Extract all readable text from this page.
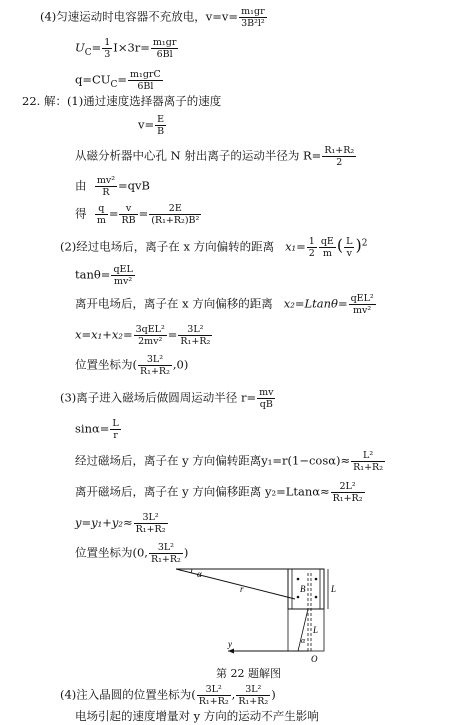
(4)匀速运动时电容器不充放电，$v=v= \frac{\text{m₁gr}}{\text{3B²l²}}$
$U_C= \frac{1}{3} I\times 3r= \frac{\text{m₁gr}}{6Bl}$
$q=CU_C= \frac{\text{m₁grC}}{6Bl}$
22. 解：(1)通过速度选择器离子的速度
$v= \frac{E}{B}$
从磁分析器中心孔 N 射出离子的运动半径为 $R= \frac{\text{R₁+R₂}}{2}$
由 $\frac{\text{mv²}}{R} =qvB$
得 $\frac{q}{m} = \frac{v}{RB} = \frac{2E}{\text{(R₁+R₂)B²}}$
(2)经过电场后，离子在 x 方向偏转的距离 $x_1= \frac{1}{2} \frac{qE}{m}$ ( $\frac{L}{v} )^2$
$\tan\theta= \frac{\text{qEL}}{\text{mv²}}$
离开电场后，离子在 x 方向偏移的距离 $x_2=Ltan\theta= \frac{\text{qEL²}}{\text{mv²}}$
$x=x_1+x_2= \frac{\text{3qEL²}}{\text{2mv²}} = \frac{\text{3L²}}{\text{R₁+R₂}}$
位置坐标为( $\frac{\text{3L²}}{\text{R₁+R₂}} ,0$)
(3)离子进入磁场后做圆周运动半径 $r= \frac{mv}{qB}$
$\sin\alpha= \frac{L}{r}$
经过磁场后，离子在 y 方向偏转距离$y_1=r(1-\cos\alpha)\approx \frac{\text{L²}}{\text{R₁+R₂}}$
离开磁场后，离子在 y 方向偏移距离 $y_2=Ltan\alpha\approx \frac{\text{2L²}}{\text{R₁+R₂}}$
$y=y_1+y_2\approx \frac{\text{3L²}}{\text{R₁+R₂}}$
位置坐标为(0, $\frac{\text{3L²}}{\text{R₁+R₂}}$ )
α
r	B	L
L
α
y
O
第 22 题解图
(4)注入晶圆的位置坐标为( $\frac{\text{3L²}}{\text{R₁+R₂}}$ , $\frac{\text{3L²}}{\text{R₁+R₂}}$ )
电场引起的速度增量对 y 方向的运动不产生影响
